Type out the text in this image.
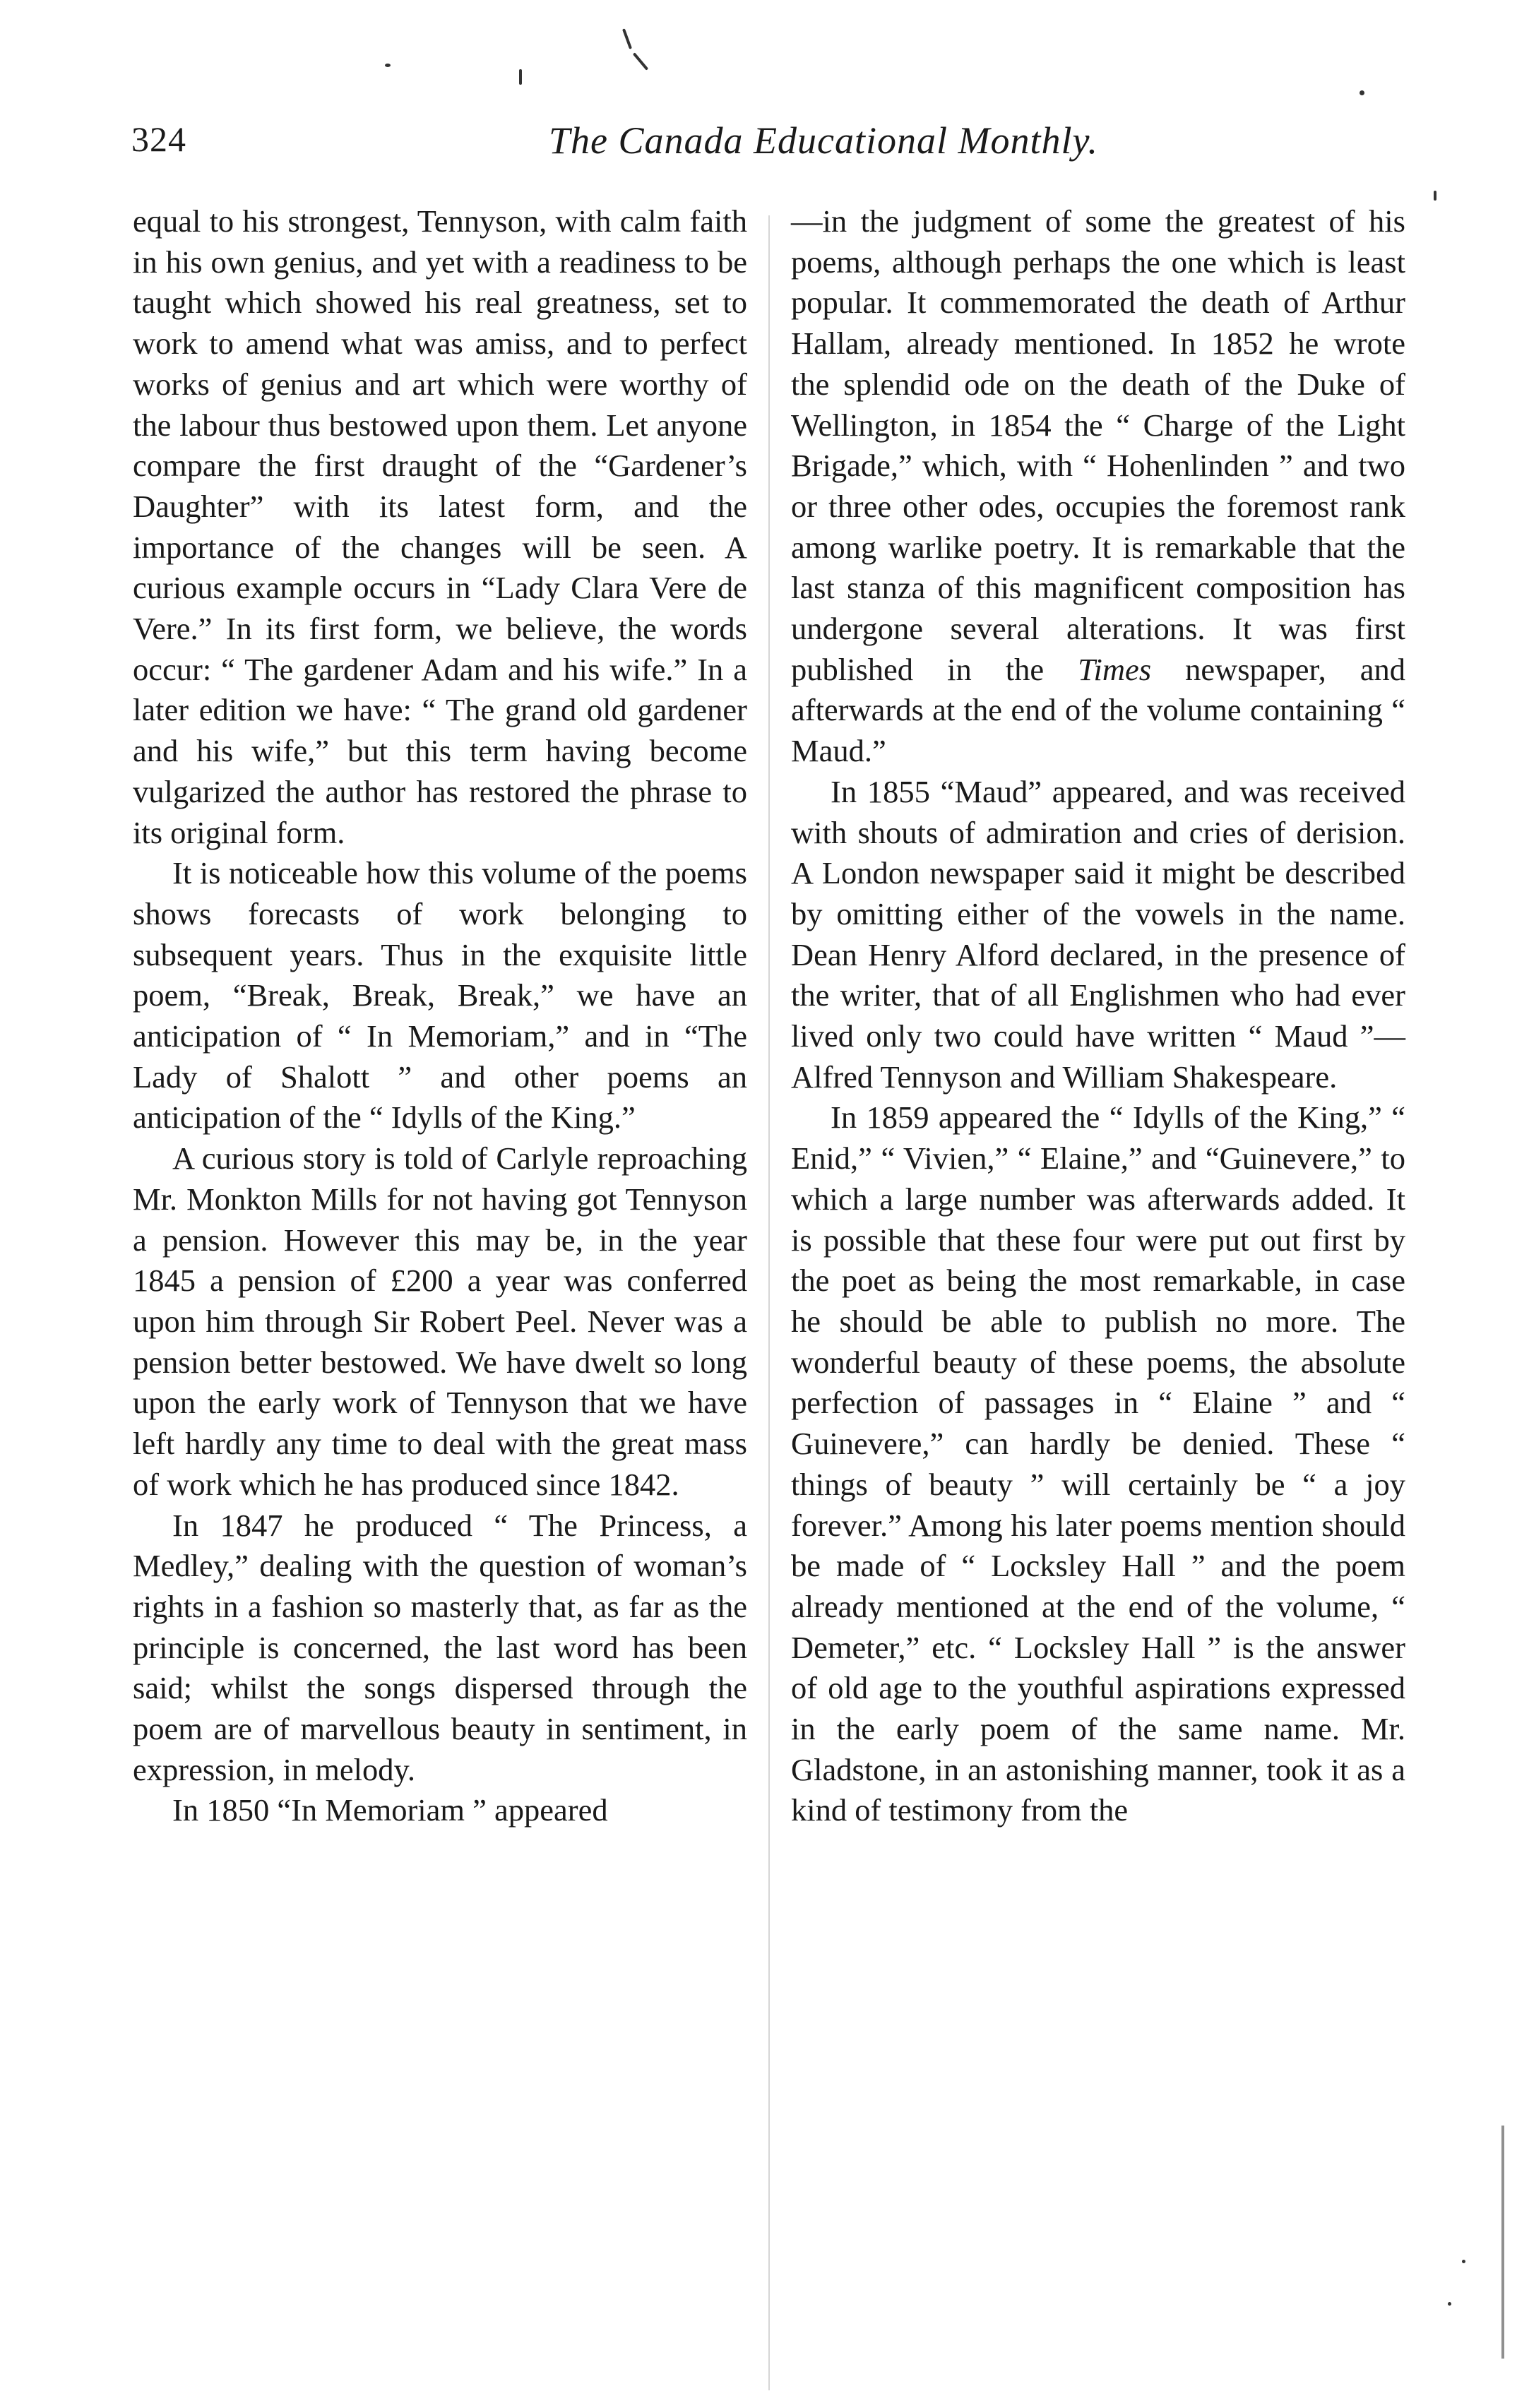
324	The Canada Educational Monthly.

equal to his strongest, Tennyson, with calm faith in his own genius, and yet with a readiness to be taught which showed his real greatness, set to work to amend what was amiss, and to perfect works of genius and art which were worthy of the labour thus bestowed upon them. Let anyone compare the first draught of the “Gardener’s Daughter” with its latest form, and the importance of the changes will be seen. A curious example occurs in “Lady Clara Vere de Vere.” In its first form, we believe, the words occur: “ The gardener Adam and his wife.” In a later edition we have: “ The grand old gardener and his wife,” but this term having become vulgarized the author has restored the phrase to its original form.

It is noticeable how this volume of the poems shows forecasts of work belonging to subsequent years. Thus in the exquisite little poem, “Break, Break, Break,” we have an anticipation of “ In Memoriam,” and in “The Lady of Shalott ” and other poems an anticipation of the “ Idylls of the King.”

A curious story is told of Carlyle reproaching Mr. Monkton Mills for not having got Tennyson a pension. However this may be, in the year 1845 a pension of £200 a year was conferred upon him through Sir Robert Peel. Never was a pension better bestowed. We have dwelt so long upon the early work of Tennyson that we have left hardly any time to deal with the great mass of work which he has produced since 1842.

In 1847 he produced “ The Princess, a Medley,” dealing with the question of woman’s rights in a fashion so masterly that, as far as the principle is concerned, the last word has been said; whilst the songs dispersed through the poem are of marvellous beauty in sentiment, in expression, in melody.

In 1850 “In Memoriam ” appeared

—in the judgment of some the greatest of his poems, although perhaps the one which is least popular. It commemorated the death of Arthur Hallam, already mentioned. In 1852 he wrote the splendid ode on the death of the Duke of Wellington, in 1854 the “ Charge of the Light Brigade,” which, with “ Hohenlinden ” and two or three other odes, occupies the foremost rank among warlike poetry. It is remarkable that the last stanza of this magnificent composition has undergone several alterations. It was first published in the Times newspaper, and afterwards at the end of the volume containing “ Maud.”

In 1855 “Maud” appeared, and was received with shouts of admiration and cries of derision. A London newspaper said it might be described by omitting either of the vowels in the name. Dean Henry Alford declared, in the presence of the writer, that of all Englishmen who had ever lived only two could have written “ Maud ”—Alfred Tennyson and William Shakespeare.

In 1859 appeared the “ Idylls of the King,” “ Enid,” “ Vivien,” “ Elaine,” and “Guinevere,” to which a large number was afterwards added. It is possible that these four were put out first by the poet as being the most remarkable, in case he should be able to publish no more. The wonderful beauty of these poems, the absolute perfection of passages in “ Elaine ” and “ Guinevere,” can hardly be denied. These “ things of beauty ” will certainly be “ a joy forever.” Among his later poems mention should be made of “ Locksley Hall ” and the poem already mentioned at the end of the volume, “ Demeter,” etc. “ Locksley Hall ” is the answer of old age to the youthful aspirations expressed in the early poem of the same name. Mr. Gladstone, in an astonishing manner, took it as a kind of testimony from the
